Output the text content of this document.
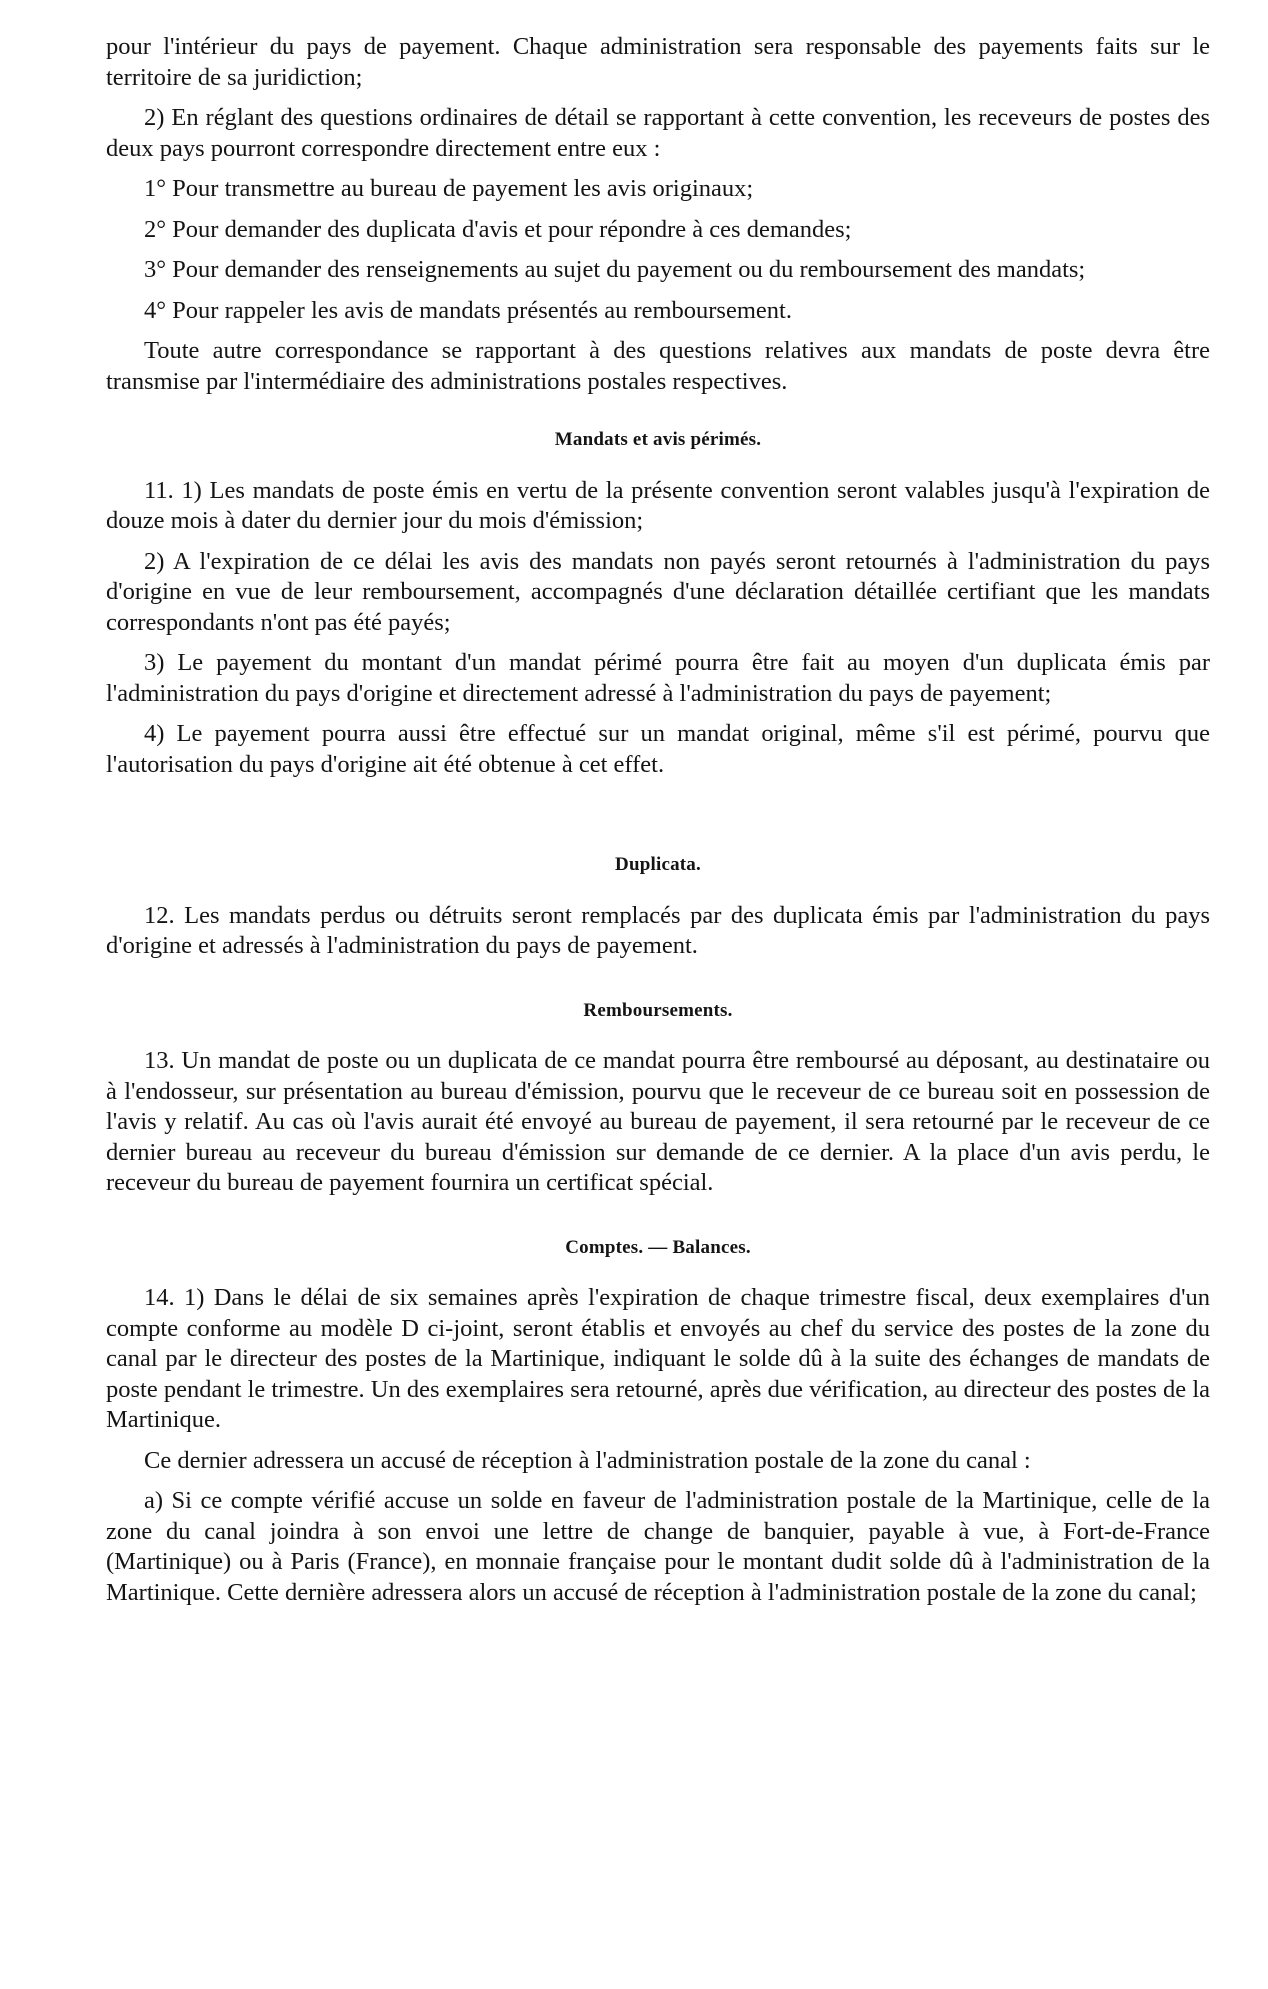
pour l'intérieur du pays de payement. Chaque administration sera responsable des payements faits sur le territoire de sa juridiction;

2) En réglant des questions ordinaires de détail se rapportant à cette convention, les receveurs de postes des deux pays pourront correspondre directement entre eux :

1° Pour transmettre au bureau de payement les avis originaux;

2° Pour demander des duplicata d'avis et pour répondre à ces demandes;

3° Pour demander des renseignements au sujet du payement ou du remboursement des mandats;

4° Pour rappeler les avis de mandats présentés au remboursement.

Toute autre correspondance se rapportant à des questions relatives aux mandats de poste devra être transmise par l'intermédiaire des administrations postales respectives.

Mandats et avis périmés.

11. 1) Les mandats de poste émis en vertu de la présente convention seront valables jusqu'à l'expiration de douze mois à dater du dernier jour du mois d'émission;

2) A l'expiration de ce délai les avis des mandats non payés seront retournés à l'administration du pays d'origine en vue de leur remboursement, accompagnés d'une déclaration détaillée certifiant que les mandats correspondants n'ont pas été payés;

3) Le payement du montant d'un mandat périmé pourra être fait au moyen d'un duplicata émis par l'administration du pays d'origine et directement adressé à l'administration du pays de payement;

4) Le payement pourra aussi être effectué sur un mandat original, même s'il est périmé, pourvu que l'autorisation du pays d'origine ait été obtenue à cet effet.

Duplicata.

12. Les mandats perdus ou détruits seront remplacés par des duplicata émis par l'administration du pays d'origine et adressés à l'administration du pays de payement.

Remboursements.

13. Un mandat de poste ou un duplicata de ce mandat pourra être remboursé au déposant, au destinataire ou à l'endosseur, sur présentation au bureau d'émission, pourvu que le receveur de ce bureau soit en possession de l'avis y relatif. Au cas où l'avis aurait été envoyé au bureau de payement, il sera retourné par le receveur de ce dernier bureau au receveur du bureau d'émission sur demande de ce dernier. A la place d'un avis perdu, le receveur du bureau de payement fournira un certificat spécial.

Comptes. — Balances.

14. 1) Dans le délai de six semaines après l'expiration de chaque trimestre fiscal, deux exemplaires d'un compte conforme au modèle D ci-joint, seront établis et envoyés au chef du service des postes de la zone du canal par le directeur des postes de la Martinique, indiquant le solde dû à la suite des échanges de mandats de poste pendant le trimestre. Un des exemplaires sera retourné, après due vérification, au directeur des postes de la Martinique.

Ce dernier adressera un accusé de réception à l'administration postale de la zone du canal :

a) Si ce compte vérifié accuse un solde en faveur de l'administration postale de la Martinique, celle de la zone du canal joindra à son envoi une lettre de change de banquier, payable à vue, à Fort-de-France (Martinique) ou à Paris (France), en monnaie française pour le montant dudit solde dû à l'administration de la Martinique. Cette dernière adressera alors un accusé de réception à l'administration postale de la zone du canal;
